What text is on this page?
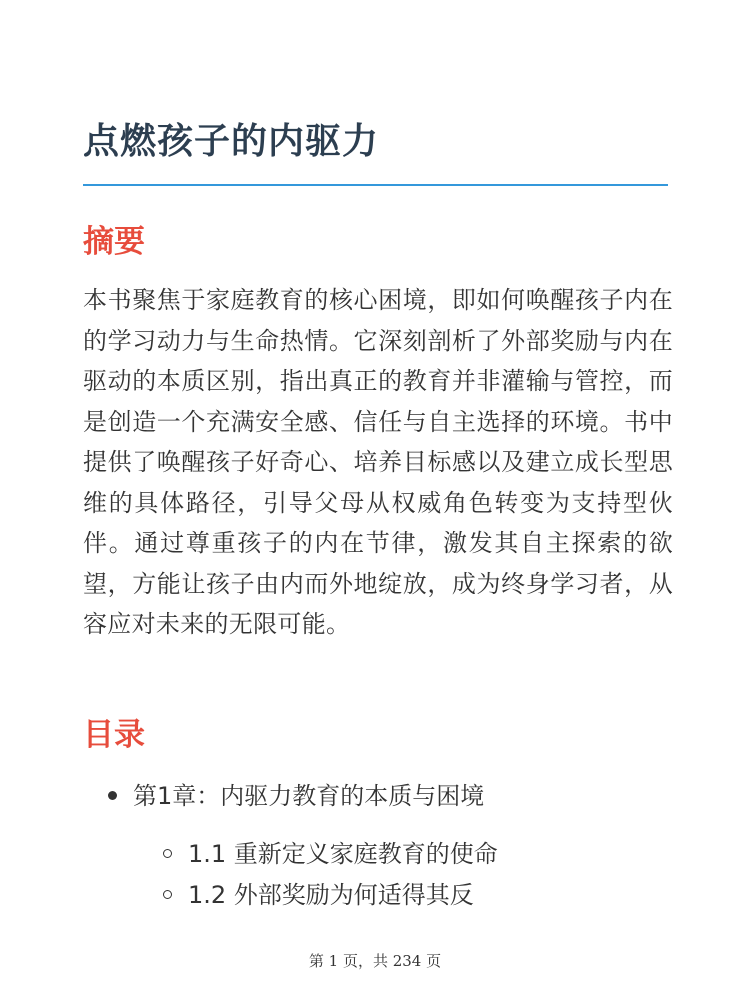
点燃孩子的内驱力
摘要

本书聚焦于家庭教育的核心困境，即如何唤醒孩子内在的学习动力与生命热情。它深刻剖析了外部奖励与内在驱动的本质区别，指出真正的教育并非灌输与管控，而是创造一个充满安全感、信任与自主选择的环境。书中提供了唤醒孩子好奇心、培养目标感以及建立成长型思维的具体路径，引导父母从权威角色转变为支持型伙伴。通过尊重孩子的内在节律，激发其自主探索的欲望，方能让孩子由内而外地绽放，成为终身学习者，从容应对未来的无限可能。

目录
第1章：内驱力教育的本质与困境
1.1 重新定义家庭教育的使命
1.2 外部奖励为何适得其反
第 1 页，共 234 页
